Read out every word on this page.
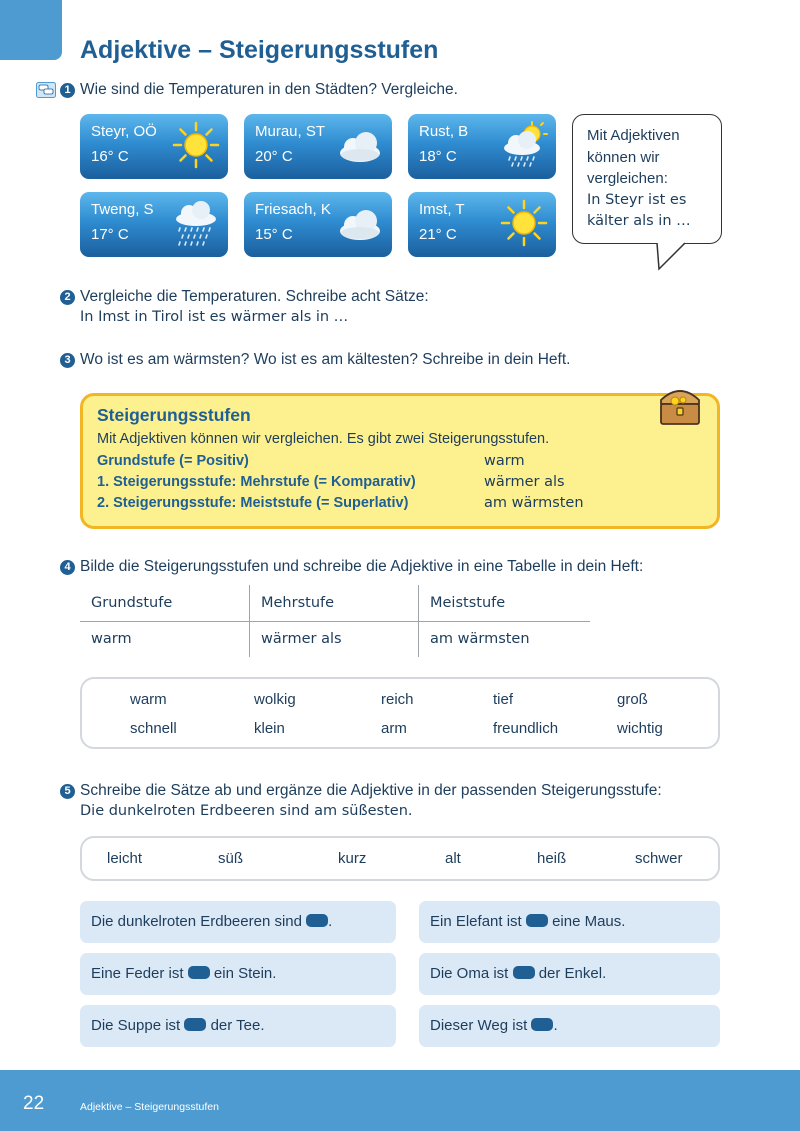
Adjektive – Steigerungsstufen
1 Wie sind die Temperaturen in den Städten? Vergleiche.
Steyr, OÖ
16° C
Murau, ST
20° C
Rust, B
18° C
Tweng, S
17° C
Friesach, K
15° C
Imst, T
21° C
Mit Adjektiven
können wir
vergleichen:
In Steyr ist es
kälter als in …
2 Vergleiche die Temperaturen. Schreibe acht Sätze:
In Imst in Tirol ist es wärmer als in …
3 Wo ist es am wärmsten? Wo ist es am kältesten? Schreibe in dein Heft.
Steigerungsstufen
Mit Adjektiven können wir vergleichen. Es gibt zwei Steigerungsstufen.
Grundstufe (= Positiv)	warm
1. Steigerungsstufe: Mehrstufe (= Komparativ)	wärmer als
2. Steigerungsstufe: Meiststufe (= Superlativ)	am wärmsten
4 Bilde die Steigerungsstufen und schreibe die Adjektive in eine Tabelle in dein Heft:
Grundstufe	Mehrstufe	Meiststufe
warm	wärmer als	am wärmsten
warm	wolkig	reich	tief	groß
schnell	klein	arm	freundlich	wichtig
5 Schreibe die Sätze ab und ergänze die Adjektive in der passenden Steigerungsstufe:
Die dunkelroten Erdbeeren sind am süßesten.
leicht	süß	kurz	alt	heiß	schwer
Die dunkelroten Erdbeeren sind .	Ein Elefant ist eine Maus.
Eine Feder ist ein Stein.	Die Oma ist der Enkel.
Die Suppe ist der Tee.	Dieser Weg ist .
22	Adjektive – Steigerungsstufen
